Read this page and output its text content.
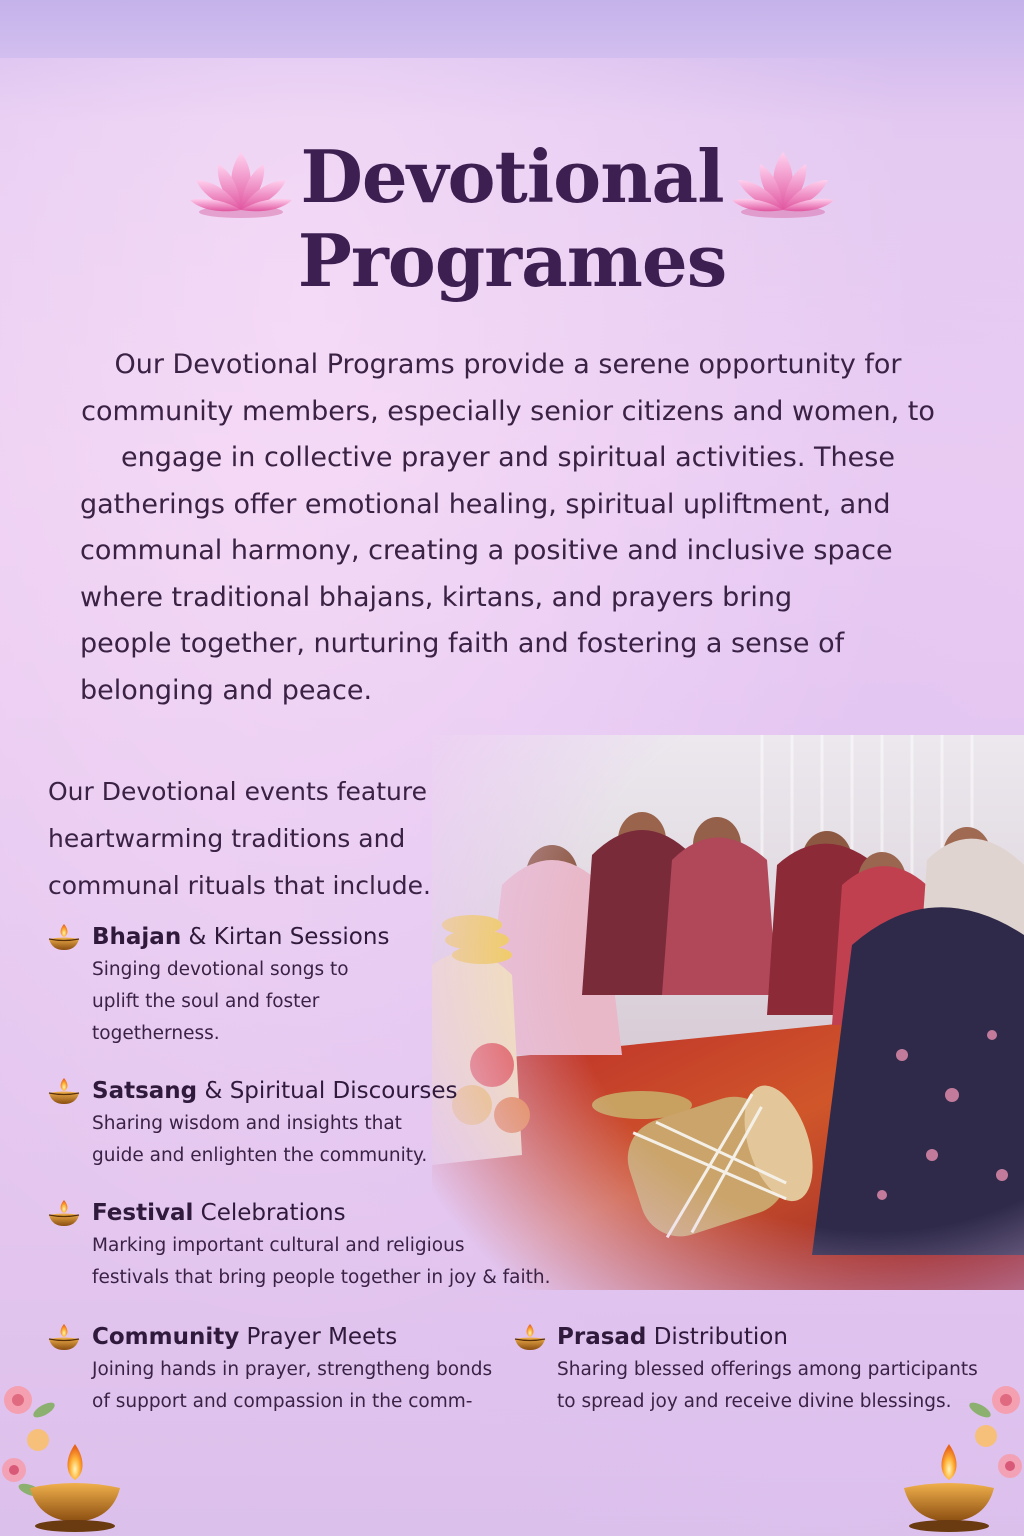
Devotional
Programes

Our Devotional Programs provide a serene opportunity for

community members, especially senior citizens and women, to

engage in collective prayer and spiritual activities. These

gatherings offer emotional healing, spiritual upliftment, and

communal harmony, creating a positive and inclusive space

where traditional bhajans, kirtans, and prayers bring

people together, nurturing faith and fostering a sense of

belonging and peace.

Our Devotional events feature
heartwarming traditions and
communal rituals that include.
Bhajan & Kirtan Sessions
Singing devotional songs to
uplift the soul and foster
togetherness.
Satsang & Spiritual Discourses
Sharing wisdom and insights that
guide and enlighten the community.
Festival Celebrations
Marking important cultural and religious
festivals that bring people together in joy & faith.
Community Prayer Meets
Joining hands in prayer, strengtheng bonds
of support and compassion in the comm-
Prasad Distribution
Sharing blessed offerings among participants
to spread joy and receive divine blessings.
